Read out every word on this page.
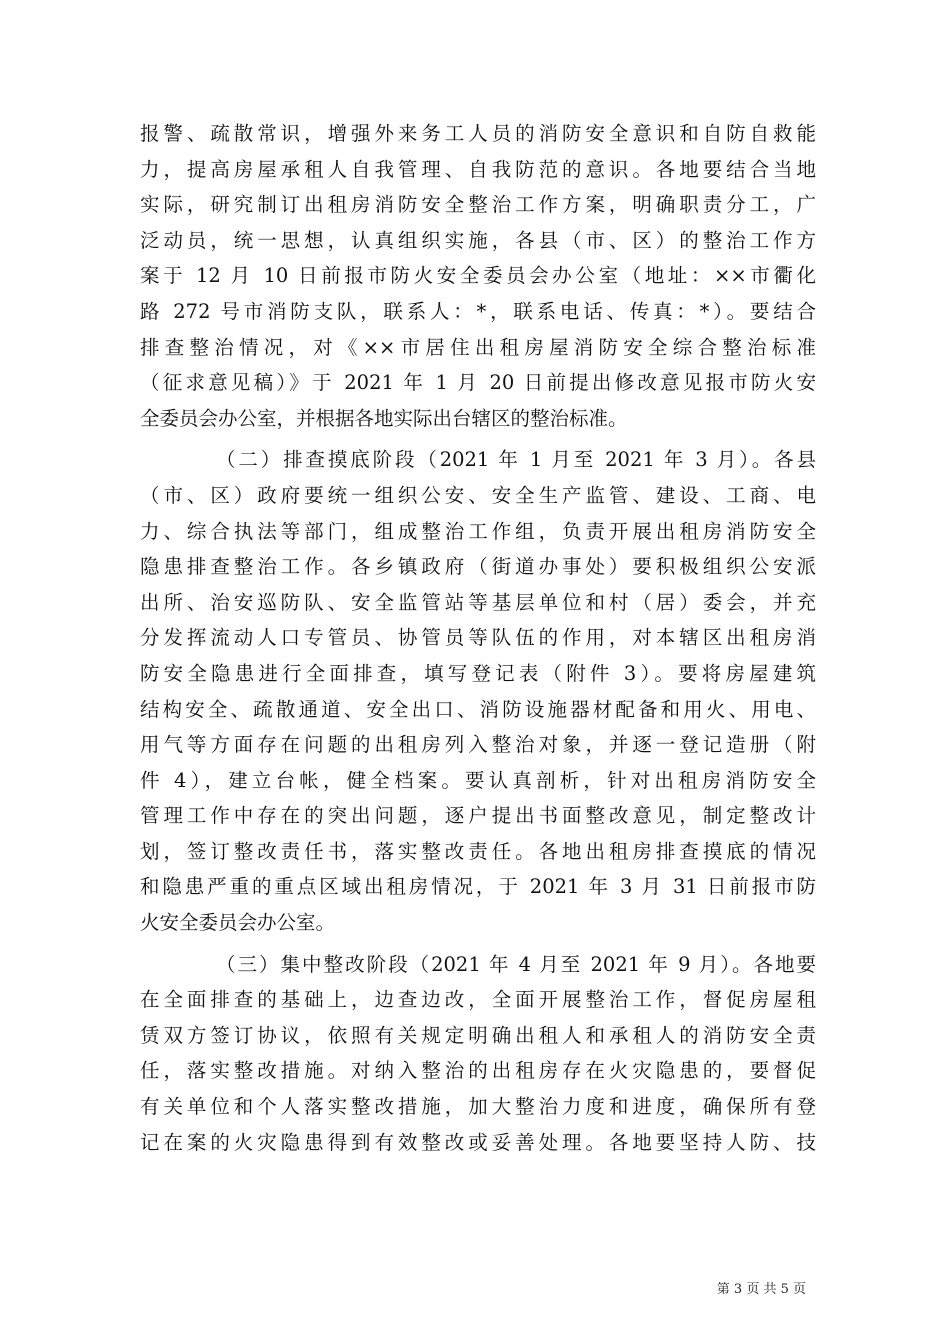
报警、疏散常识，增强外来务工人员的消防安全意识和自防自救能
力，提高房屋承租人自我管理、自我防范的意识。各地要结合当地
实际，研究制订出租房消防安全整治工作方案，明确职责分工，广
泛动员，统一思想，认真组织实施，各县（市、区）的整治工作方
案于 12 月 10 日前报市防火安全委员会办公室（地址：××市衢化
路 272 号市消防支队，联系人：*，联系电话、传真：*）。要结合
排查整治情况，对《××市居住出租房屋消防安全综合整治标准
（征求意见稿）》于 2021 年 1 月 20 日前提出修改意见报市防火安
全委员会办公室，并根据各地实际出台辖区的整治标准。
（二）排查摸底阶段（2021 年 1 月至 2021 年 3 月）。各县
（市、区）政府要统一组织公安、安全生产监管、建设、工商、电
力、综合执法等部门，组成整治工作组，负责开展出租房消防安全
隐患排查整治工作。各乡镇政府（街道办事处）要积极组织公安派
出所、治安巡防队、安全监管站等基层单位和村（居）委会，并充
分发挥流动人口专管员、协管员等队伍的作用，对本辖区出租房消
防安全隐患进行全面排查，填写登记表（附件 3）。要将房屋建筑
结构安全、疏散通道、安全出口、消防设施器材配备和用火、用电、
用气等方面存在问题的出租房列入整治对象，并逐一登记造册（附
件 4），建立台帐，健全档案。要认真剖析，针对出租房消防安全
管理工作中存在的突出问题，逐户提出书面整改意见，制定整改计
划，签订整改责任书，落实整改责任。各地出租房排查摸底的情况
和隐患严重的重点区域出租房情况，于 2021 年 3 月 31 日前报市防
火安全委员会办公室。
（三）集中整改阶段（2021 年 4 月至 2021 年 9 月）。各地要
在全面排查的基础上，边查边改，全面开展整治工作，督促房屋租
赁双方签订协议，依照有关规定明确出租人和承租人的消防安全责
任，落实整改措施。对纳入整治的出租房存在火灾隐患的，要督促
有关单位和个人落实整改措施，加大整治力度和进度，确保所有登
记在案的火灾隐患得到有效整改或妥善处理。各地要坚持人防、技
第 3 页 共 5 页
